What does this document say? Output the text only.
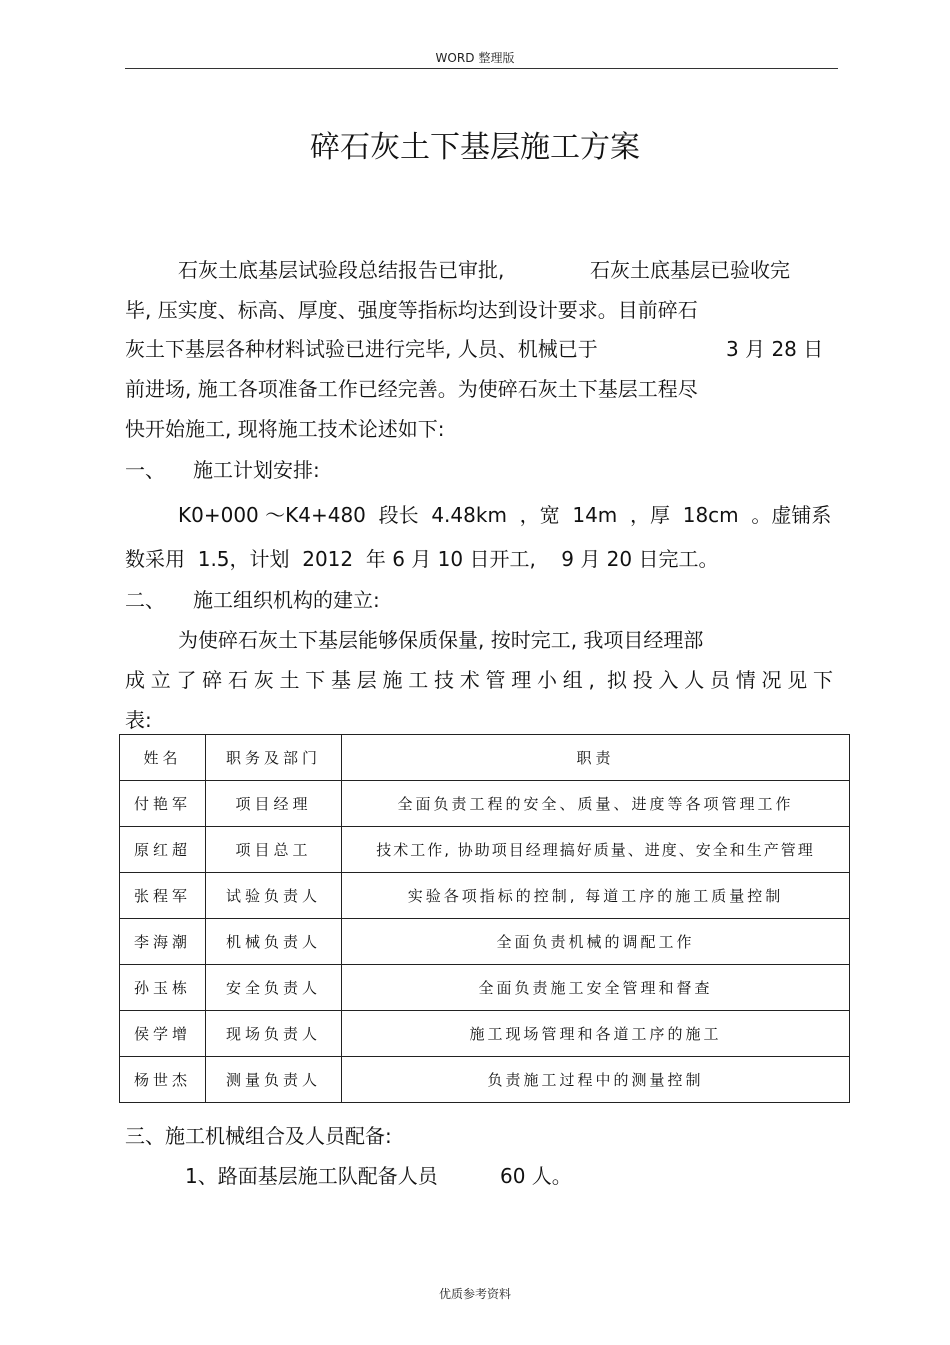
WORD 整理版
碎石灰土下基层施工方案
石灰土底基层试验段总结报告已审批,	石灰土底基层已验收完
毕, 压实度、标高、厚度、强度等指标均达到设计要求。目前碎石
灰土下基层各种材料试验已进行完毕, 人员、机械已于	3 月 28 日
前进场, 施工各项准备工作已经完善。为使碎石灰土下基层工程尽
快开始施工, 现将施工技术论述如下:
一、 施工计划安排:
K0+000 ～K4+480  段长  4.48km  ，宽  14m  ，厚  18cm  。虚铺系
数采用  1.5，计划  2012  年 6 月 10 日开工,    9 月 20 日完工。
二、 施工组织机构的建立:
为使碎石灰土下基层能够保质保量, 按时完工, 我项目经理部
成立了碎石灰土下基层施工技术管理小组, 拟投入人员情况见下
表:
姓名	职务及部门	职责
付艳军	项目经理	全面负责工程的安全、质量、进度等各项管理工作
原红超	项目总工	技术工作, 协助项目经理搞好质量、进度、安全和生产管理
张程军	试验负责人	实验各项指标的控制, 每道工序的施工质量控制
李海潮	机械负责人	全面负责机械的调配工作
孙玉栋	安全负责人	全面负责施工安全管理和督查
侯学增	现场负责人	施工现场管理和各道工序的施工
杨世杰	测量负责人	负责施工过程中的测量控制
三、施工机械组合及人员配备:
1、路面基层施工队配备人员	60 人。
优质参考资料
